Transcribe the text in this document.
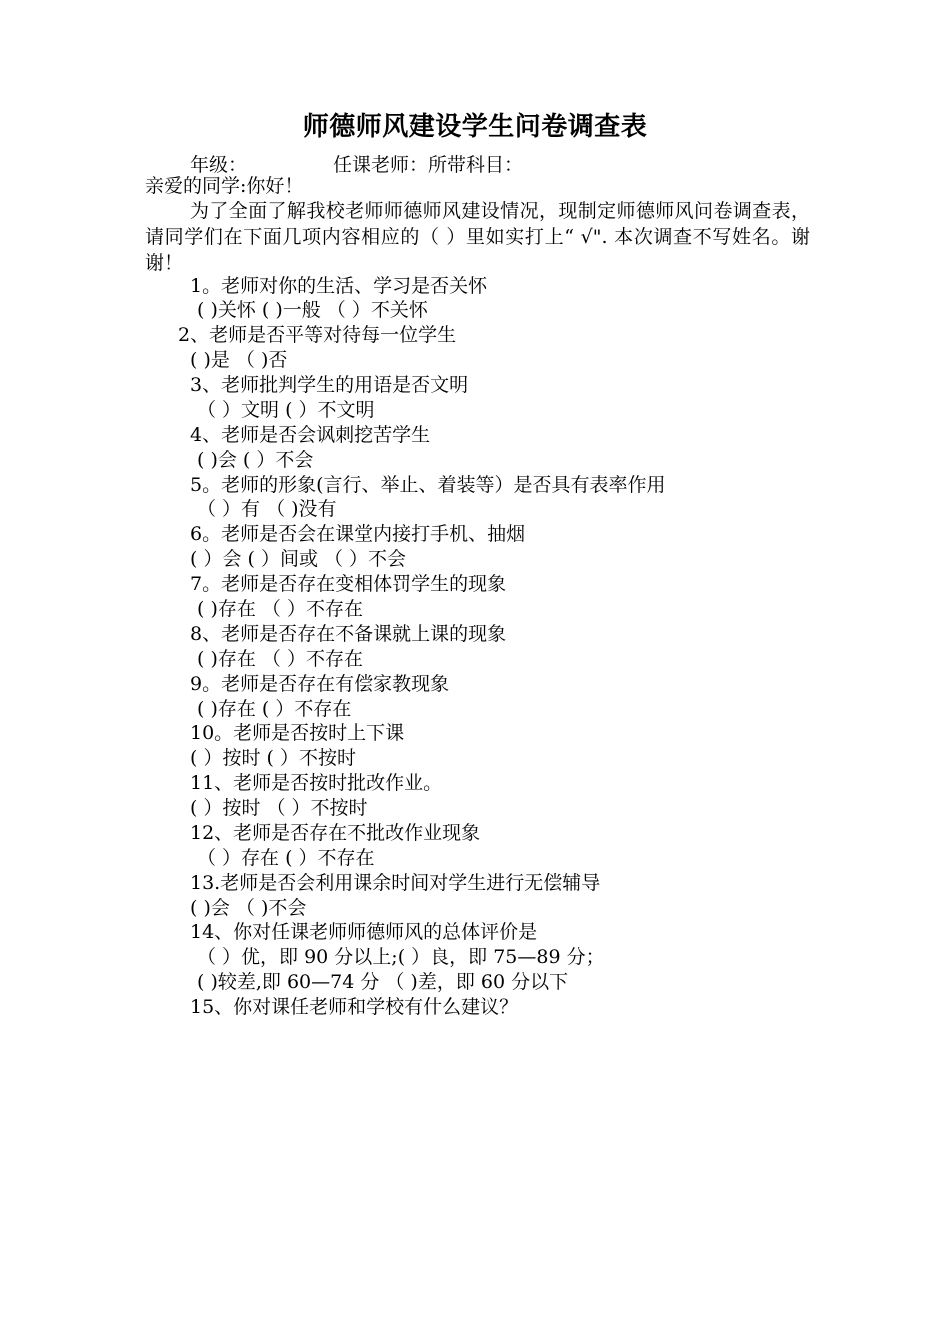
师德师风建设学生问卷调查表
年级：	任课老师：所带科目：
亲爱的同学:你好！
为了全面了解我校老师师德师风建设情况，现制定师德师风问卷调查表，请同学们在下面几项内容相应的（ ）里如实打上“ √". 本次调查不写姓名。谢谢！
1。老师对你的生活、学习是否关怀
( )关怀 ( )一般 （ ）不关怀
2、老师是否平等对待每一位学生
( )是 （ )否
3、老师批判学生的用语是否文明
（ ）文明 ( ）不文明
4、老师是否会讽刺挖苦学生
( )会 ( ）不会
5。老师的形象(言行、举止、着装等）是否具有表率作用
（ ）有 （ )没有
6。老师是否会在课堂内接打手机、抽烟
( ）会 ( ）间或 （ ）不会
7。老师是否存在变相体罚学生的现象
( )存在 （ ）不存在
8、老师是否存在不备课就上课的现象
( )存在 （ ）不存在
9。老师是否存在有偿家教现象
( )存在 ( ）不存在
10。老师是否按时上下课
( ）按时 ( ）不按时
11、老师是否按时批改作业。
( ）按时 （ ）不按时
12、老师是否存在不批改作业现象
（ ）存在 ( ）不存在
13.老师是否会利用课余时间对学生进行无偿辅导
( )会 （ )不会
14、你对任课老师师德师风的总体评价是
（ ）优，即 90 分以上;( ）良，即 75—89 分；
( )较差,即 60—74 分 （ )差，即 60 分以下
15、你对课任老师和学校有什么建议？
